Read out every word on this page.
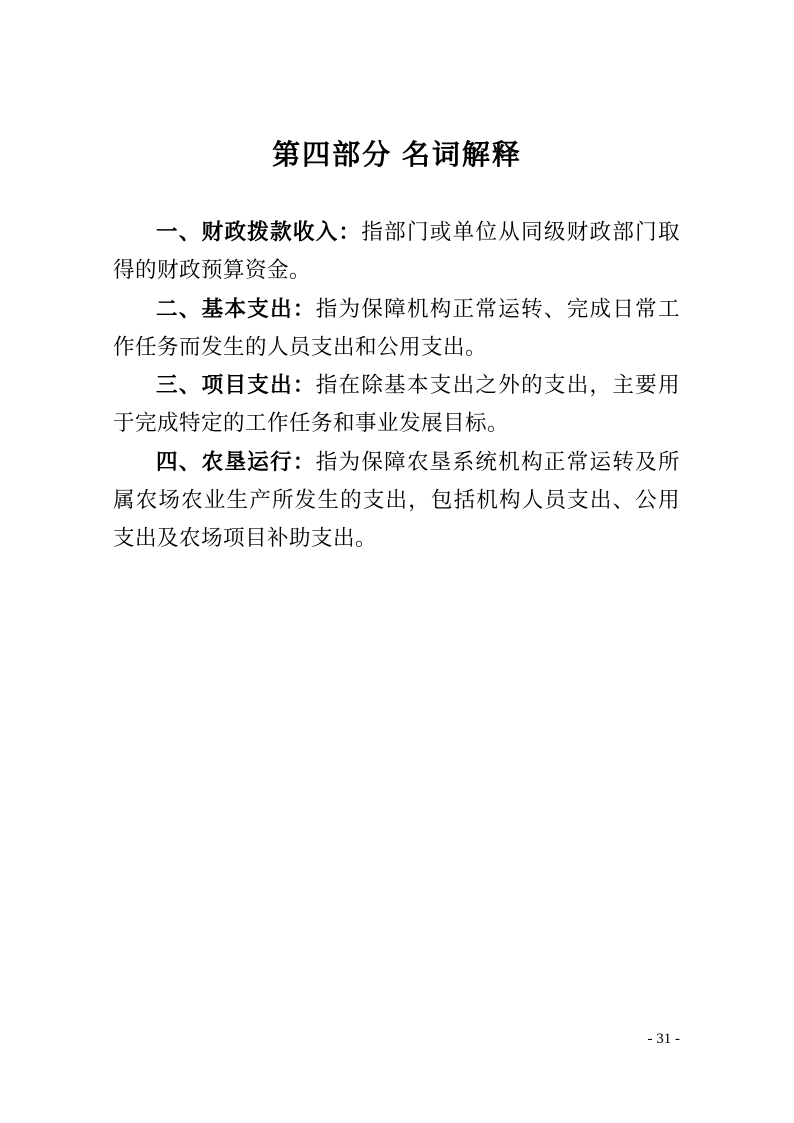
第四部分 名词解释

一、财政拨款收入：指部门或单位从同级财政部门取得的财政预算资金。

二、基本支出：指为保障机构正常运转、完成日常工作任务而发生的人员支出和公用支出。

三、项目支出：指在除基本支出之外的支出，主要用于完成特定的工作任务和事业发展目标。

四、农垦运行：指为保障农垦系统机构正常运转及所属农场农业生产所发生的支出，包括机构人员支出、公用支出及农场项目补助支出。

- 31 -
